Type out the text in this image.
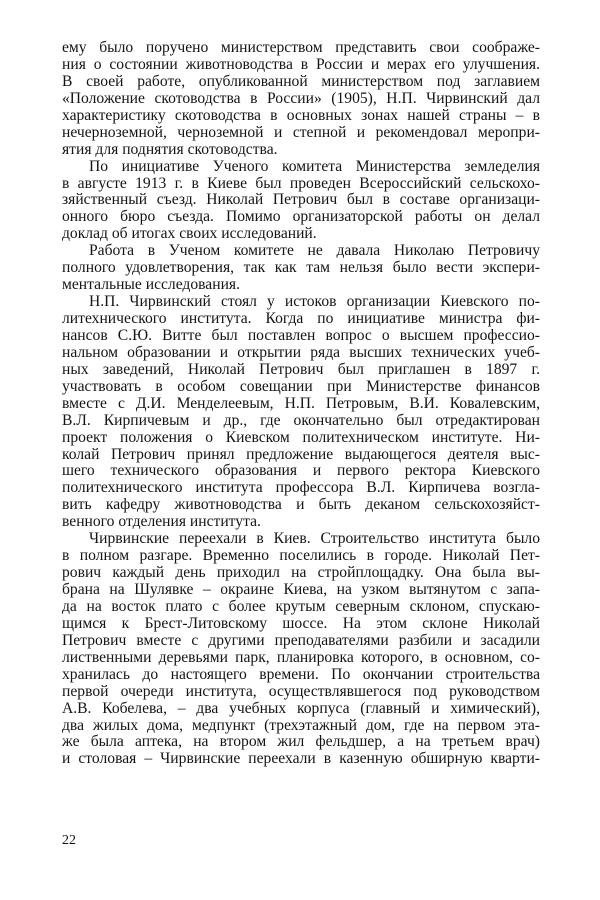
ему было поручено министерством представить свои соображе-
ния о состоянии животноводства в России и мерах его улучшения.
В своей работе, опубликованной министерством под заглавием
«Положение скотоводства в России» (1905), Н.П. Чирвинский дал
характеристику скотоводства в основных зонах нашей страны – в
нечерноземной, черноземной и степной и рекомендовал меропри-
ятия для поднятия скотоводства.
По инициативе Ученого комитета Министерства земледелия
в августе 1913 г. в Киеве был проведен Всероссийский сельскохо-
зяйственный съезд. Николай Петрович был в составе организаци-
онного бюро съезда. Помимо организаторской работы он делал
доклад об итогах своих исследований.
Работа в Ученом комитете не давала Николаю Петровичу
полного удовлетворения, так как там нельзя было вести экспери-
ментальные исследования.
Н.П. Чирвинский стоял у истоков организации Киевского по-
литехнического института. Когда по инициативе министра фи-
нансов С.Ю. Витте был поставлен вопрос о высшем профессио-
нальном образовании и открытии ряда высших технических учеб-
ных заведений, Николай Петрович был приглашен в 1897 г.
участвовать в особом совещании при Министерстве финансов
вместе с Д.И. Менделеевым, Н.П. Петровым, В.И. Ковалевским,
В.Л. Кирпичевым и др., где окончательно был отредактирован
проект положения о Киевском политехническом институте. Ни-
колай Петрович принял предложение выдающегося деятеля выс-
шего технического образования и первого ректора Киевского
политехнического института профессора В.Л. Кирпичева возгла-
вить кафедру животноводства и быть деканом сельскохозяйст-
венного отделения института.
Чирвинские переехали в Киев. Строительство института было
в полном разгаре. Временно поселились в городе. Николай Пет-
рович каждый день приходил на стройплощадку. Она была вы-
брана на Шулявке – окраине Киева, на узком вытянутом с запа-
да на восток плато с более крутым северным склоном, спускаю-
щимся к Брест-Литовскому шоссе. На этом склоне Николай
Петрович вместе с другими преподавателями разбили и засадили
лиственными деревьями парк, планировка которого, в основном, со-
хранилась до настоящего времени. По окончании строительства
первой очереди института, осуществлявшегося под руководством
А.В. Кобелева, – два учебных корпуса (главный и химический),
два жилых дома, медпункт (трехэтажный дом, где на первом эта-
же была аптека, на втором жил фельдшер, а на третьем врач)
и столовая – Чирвинские переехали в казенную обширную кварти-
22
